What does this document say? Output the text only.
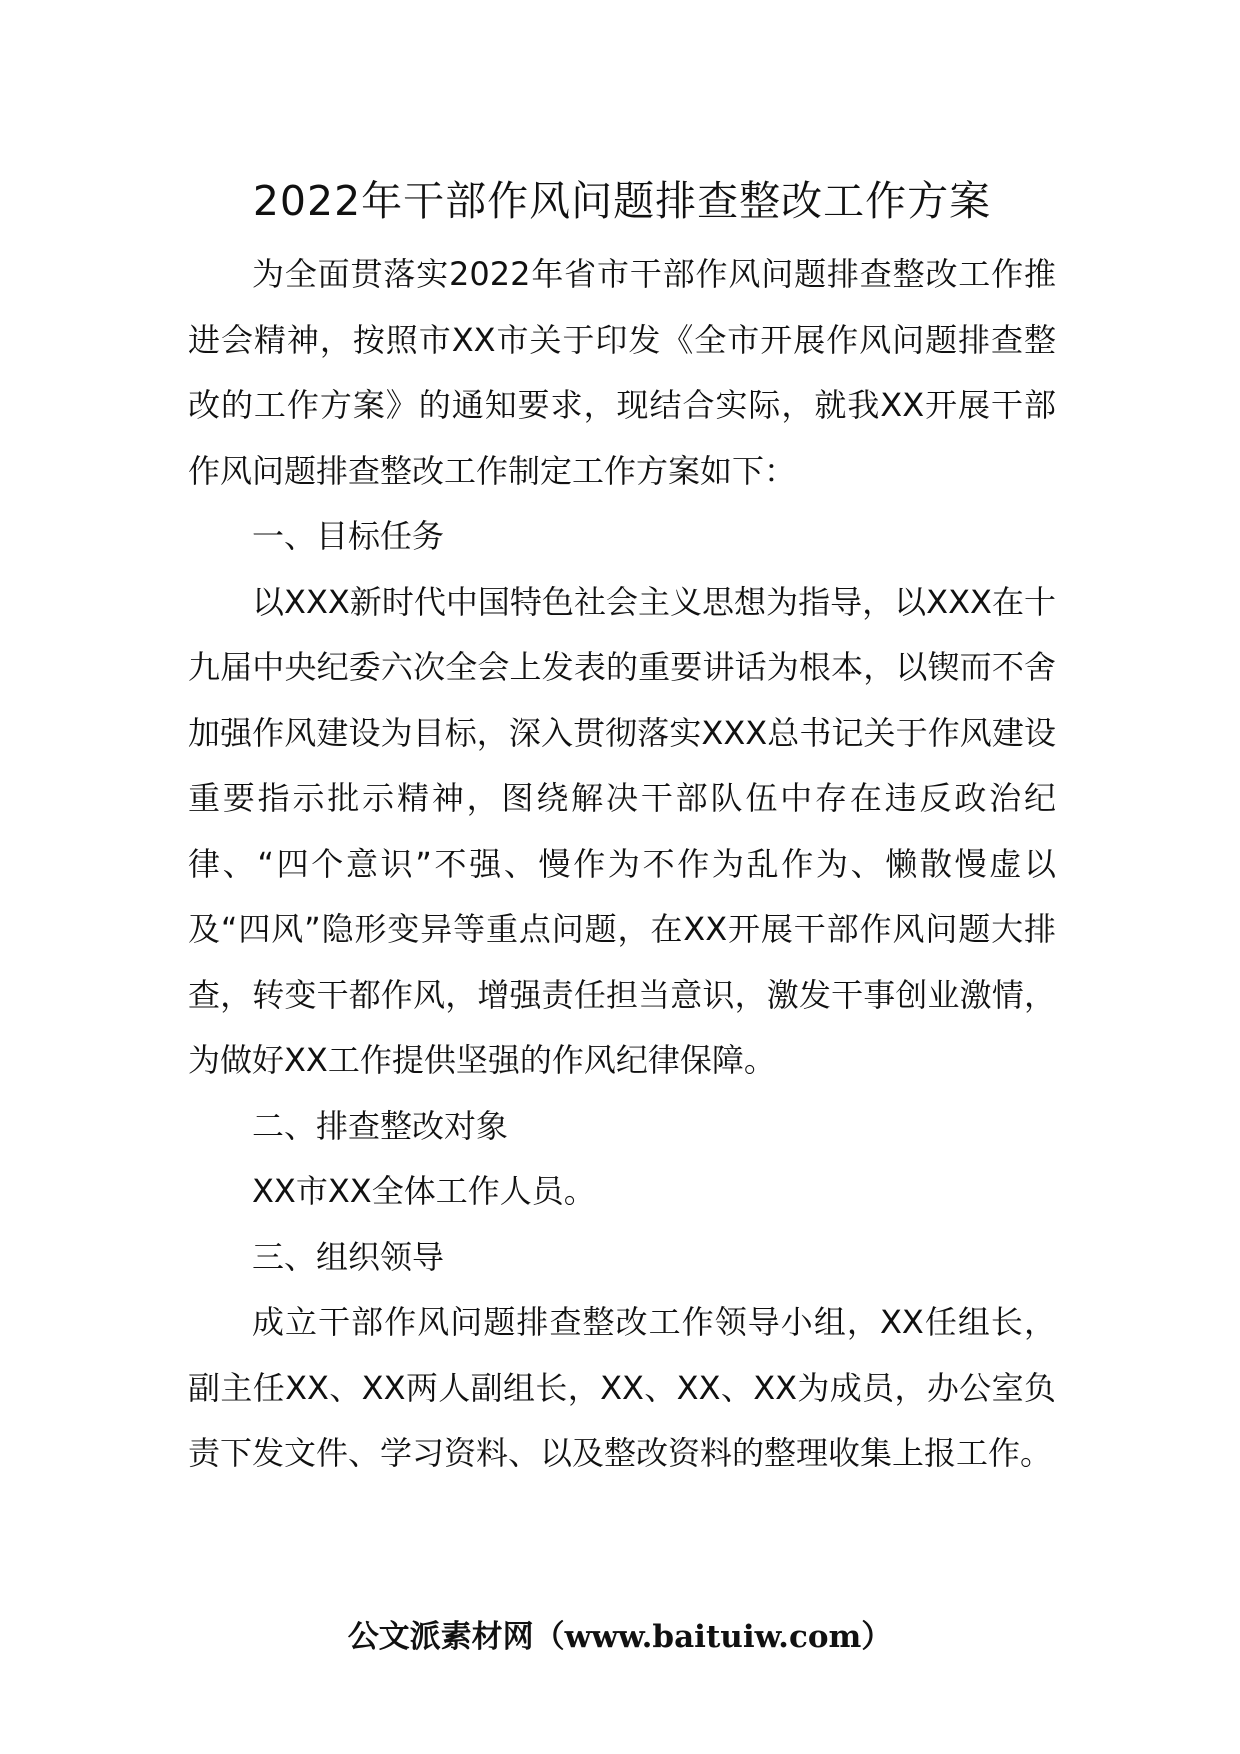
2022年干部作风问题排查整改工作方案

为全面贯落实2022年省市干部作风问题排查整改工作推进会精神，按照市XX市关于印发《全市开展作风问题排查整改的工作方案》的通知要求，现结合实际，就我XX开展干部作风问题排查整改工作制定工作方案如下：

一、目标任务

以XXX新时代中国特色社会主义思想为指导，以XXX在十九届中央纪委六次全会上发表的重要讲话为根本，以锲而不舍加强作风建设为目标，深入贯彻落实XXX总书记关于作风建设重要指示批示精神，图绕解决干部队伍中存在违反政治纪律、“四个意识”不强、慢作为不作为乱作为、懒散慢虚以及“四风”隐形变异等重点问题，在XX开展干部作风问题大排查，转变干都作风，增强责任担当意识，激发干事创业激情，为做好XX工作提供坚强的作风纪律保障。

二、排查整改对象

XX市XX全体工作人员。

三、组织领导

成立干部作风问题排查整改工作领导小组，XX任组长，副主任XX、XX两人副组长，XX、XX、XX为成员，办公室负责下发文件、学习资料、以及整改资料的整理收集上报工作。

公文派素材网（www.baituiw.com）
